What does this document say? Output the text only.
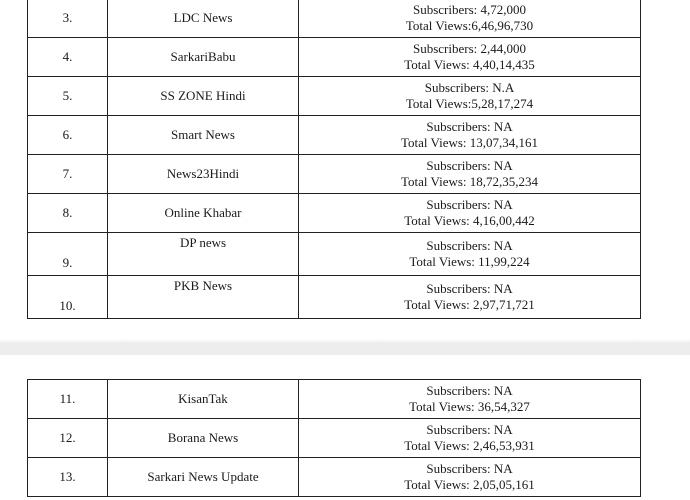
3.	LDC News	Subscribers: 4,72,000
Total Views:6,46,96,730

4.	SarkariBabu	Subscribers: 2,44,000
Total Views: 4,40,14,435

5.	SS ZONE Hindi	Subscribers: N.A
Total Views:5,28,17,274

6.	Smart News	Subscribers: NA
Total Views: 13,07,34,161

7.	News23Hindi	Subscribers: NA
Total Views: 18,72,35,234

8.	Online Khabar	Subscribers: NA
Total Views: 4,16,00,442

9.	DP news	Subscribers: NA
Total Views: 11,99,224

10.	PKB News	Subscribers: NA
Total Views: 2,97,71,721
11.	KisanTak	Subscribers: NA
Total Views: 36,54,327

12.	Borana News	Subscribers: NA
Total Views: 2,46,53,931

13.	Sarkari News Update	Subscribers: NA
Total Views: 2,05,05,161
